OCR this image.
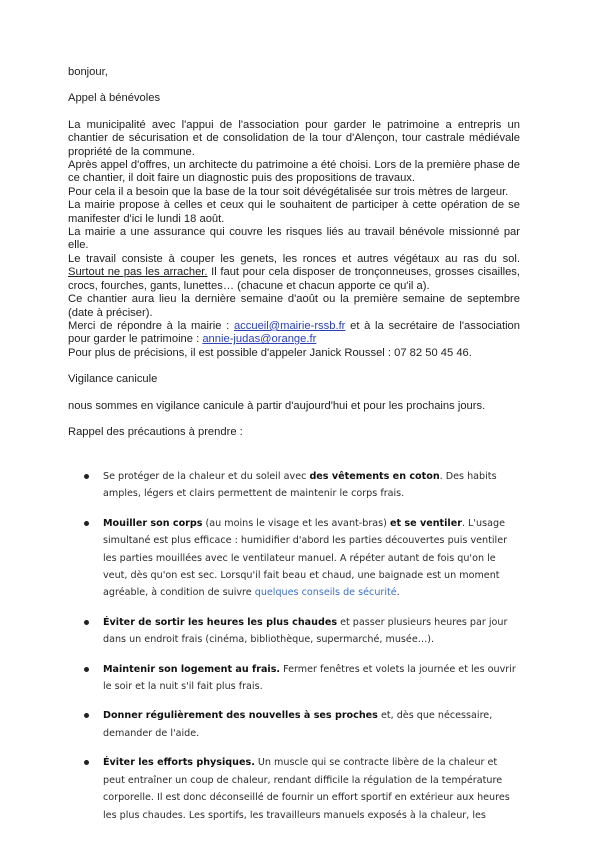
bonjour,

Appel à bénévoles

La municipalité avec l'appui de l'association pour garder le patrimoine a entrepris un chantier de sécurisation et de consolidation de la tour d'Alençon, tour castrale médiévale propriété de la commune.

Après appel d'offres, un architecte du patrimoine a été choisi. Lors de la première phase de ce chantier, il doit faire un diagnostic puis des propositions de travaux.

Pour cela il a besoin que la base de la tour soit dévégétalisée sur trois mètres de largeur.

La mairie propose à celles et ceux qui le souhaitent de participer à cette opération de se manifester d'ici le lundi 18 août.

La mairie a une assurance qui couvre les risques liés au travail bénévole missionné par elle.

Le travail consiste à couper les genets, les ronces et autres végétaux au ras du sol. Surtout ne pas les arracher. Il faut pour cela disposer de tronçonneuses, grosses cisailles, crocs, fourches, gants, lunettes… (chacune et chacun apporte ce qu'il a).

Ce chantier aura lieu la dernière semaine d'août ou la première semaine de septembre (date à préciser).

Merci de répondre à la mairie : accueil@mairie-rssb.fr et à la secrétaire de l'association pour garder le patrimoine : annie-judas@orange.fr

Pour plus de précisions, il est possible d'appeler Janick Roussel : 07 82 50 45 46.

Vigilance canicule

nous sommes en vigilance canicule à partir d'aujourd'hui et pour les prochains jours.

Rappel des précautions à prendre :

Se protéger de la chaleur et du soleil avec des vêtements en coton. Des habits amples, légers et clairs permettent de maintenir le corps frais.
Mouiller son corps (au moins le visage et les avant-bras) et se ventiler. L'usage simultané est plus efficace : humidifier d'abord les parties découvertes puis ventiler les parties mouillées avec le ventilateur manuel. A répéter autant de fois qu'on le veut, dès qu'on est sec. Lorsqu'il fait beau et chaud, une baignade est un moment agréable, à condition de suivre quelques conseils de sécurité.
Éviter de sortir les heures les plus chaudes et passer plusieurs heures par jour dans un endroit frais (cinéma, bibliothèque, supermarché, musée…).
Maintenir son logement au frais. Fermer fenêtres et volets la journée et les ouvrir le soir et la nuit s'il fait plus frais.
Donner régulièrement des nouvelles à ses proches et, dès que nécessaire, demander de l'aide.
Éviter les efforts physiques. Un muscle qui se contracte libère de la chaleur et peut entraîner un coup de chaleur, rendant difficile la régulation de la température corporelle. Il est donc déconseillé de fournir un effort sportif en extérieur aux heures les plus chaudes. Les sportifs, les travailleurs manuels exposés à la chaleur, les
